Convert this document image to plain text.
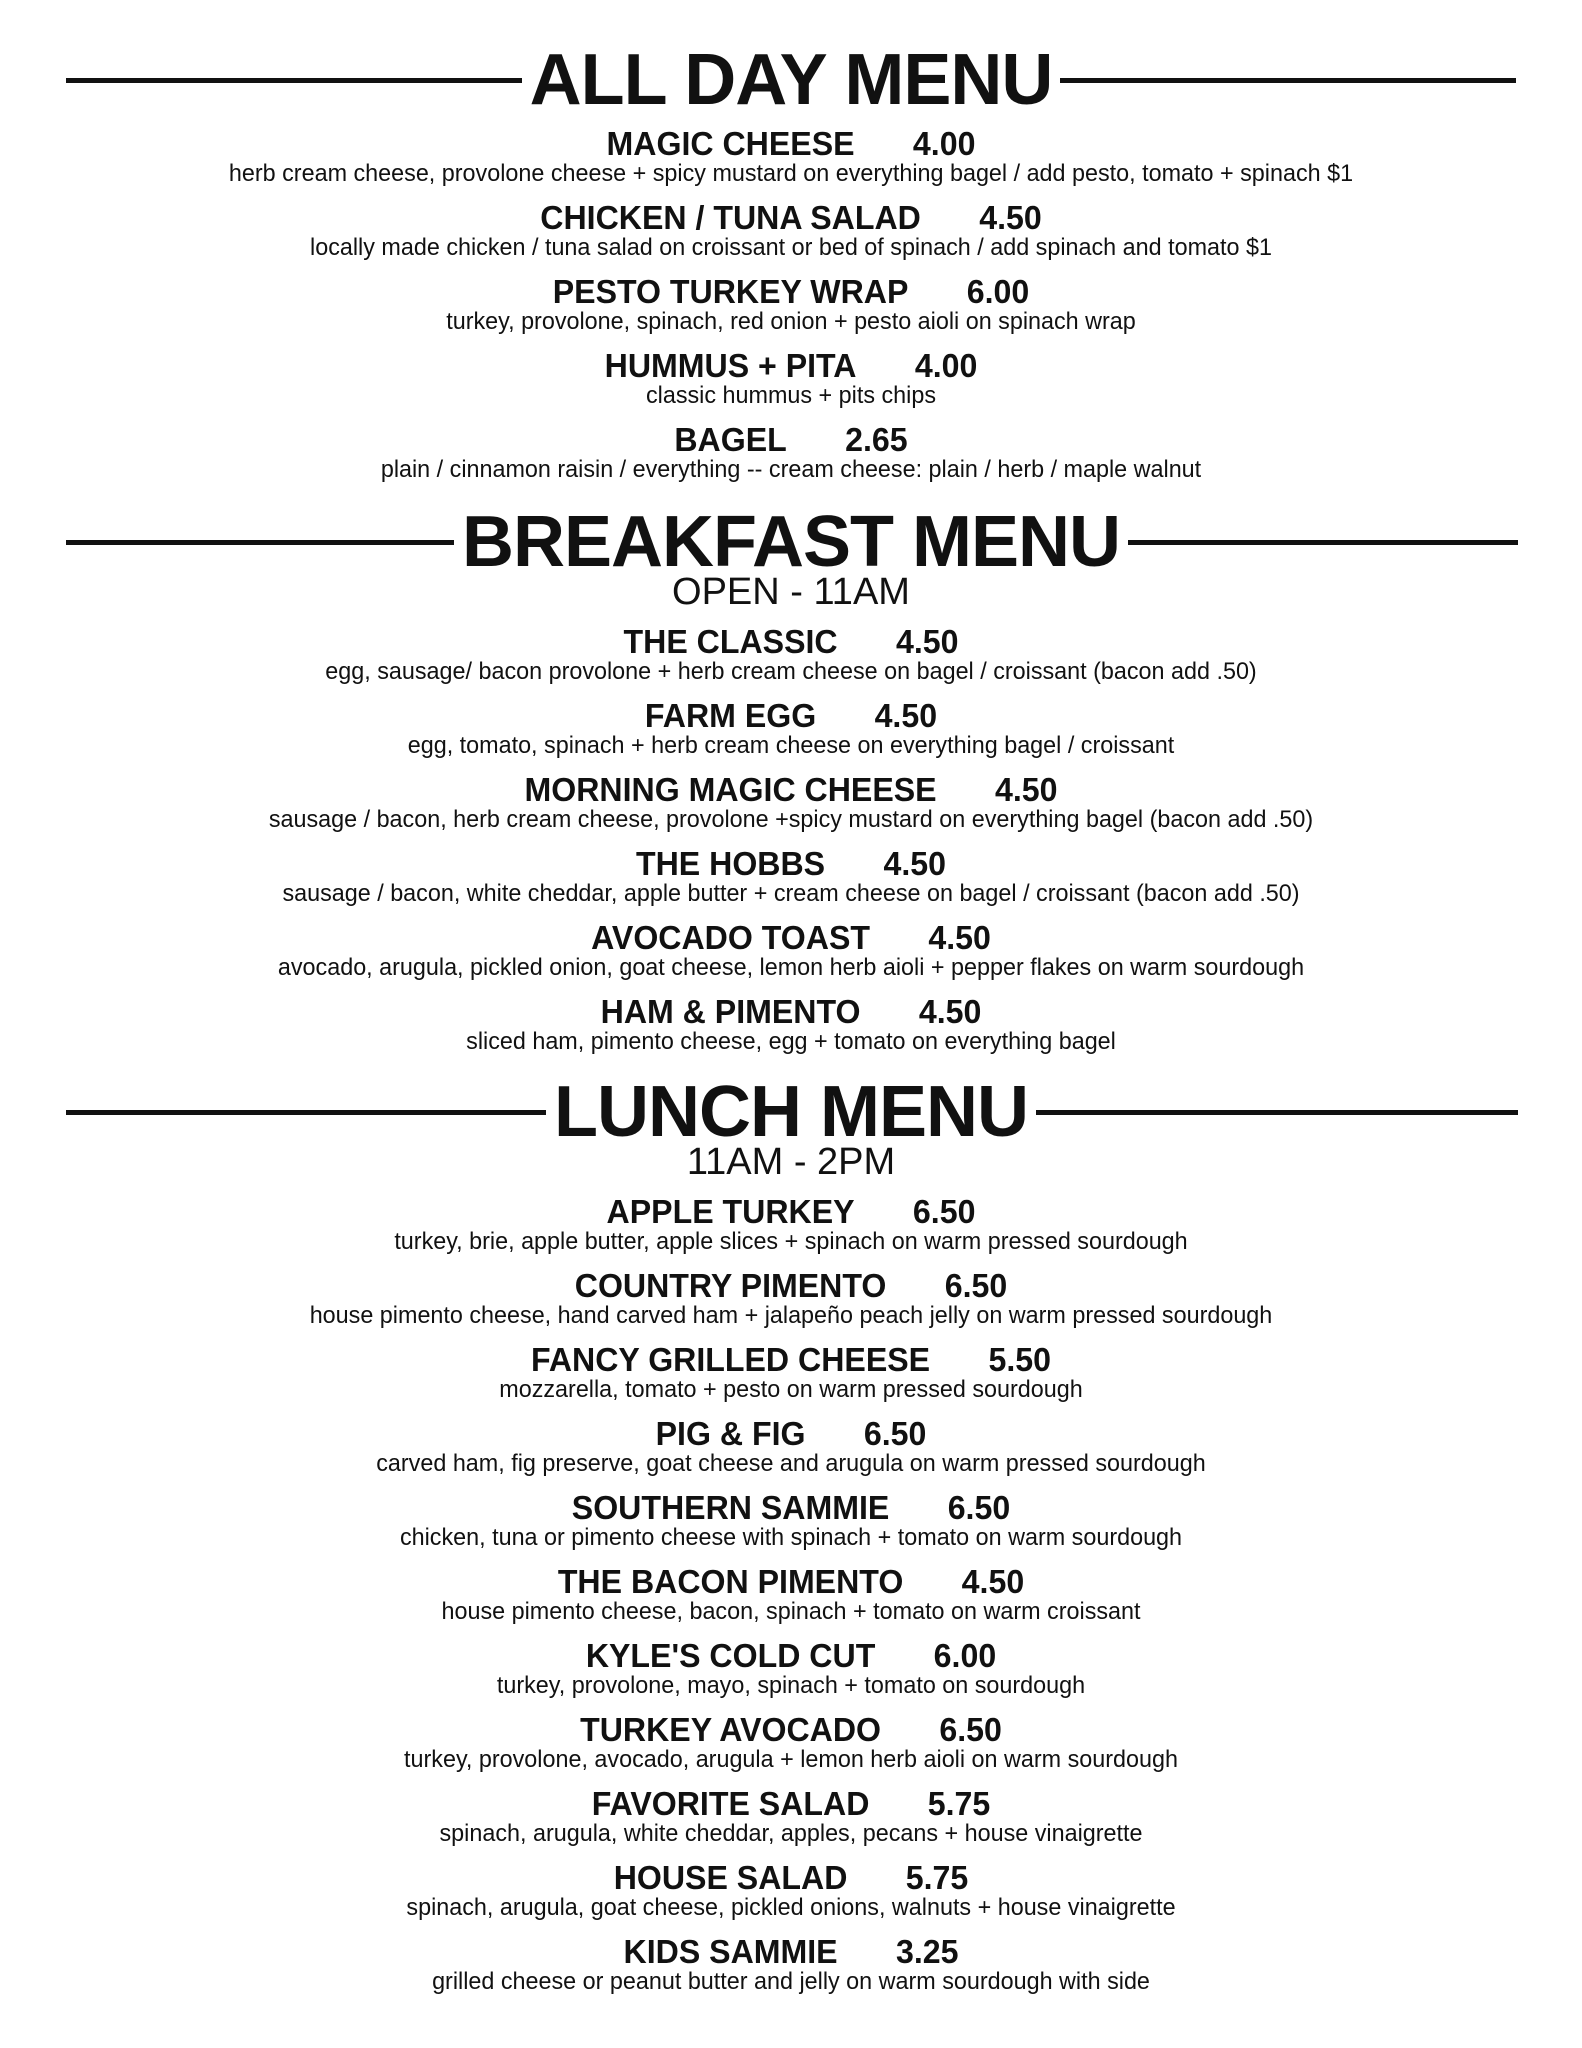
ALL DAY MENU
MAGIC CHEESE 4.00
herb cream cheese, provolone cheese + spicy mustard on everything bagel / add pesto, tomato + spinach $1
CHICKEN / TUNA SALAD 4.50
locally made chicken / tuna salad on croissant or bed of spinach / add spinach and tomato $1
PESTO TURKEY WRAP 6.00
turkey, provolone, spinach, red onion + pesto aioli on spinach wrap
HUMMUS + PITA 4.00
classic hummus + pits chips
BAGEL 2.65
plain / cinnamon raisin / everything -- cream cheese: plain / herb / maple walnut
BREAKFAST MENU
OPEN - 11AM
THE CLASSIC 4.50
egg, sausage/ bacon provolone + herb cream cheese on bagel / croissant (bacon add .50)
FARM EGG 4.50
egg, tomato, spinach + herb cream cheese on everything bagel / croissant
MORNING MAGIC CHEESE 4.50
sausage / bacon, herb cream cheese, provolone +spicy mustard on everything bagel (bacon add .50)
THE HOBBS 4.50
sausage / bacon, white cheddar, apple butter + cream cheese on bagel / croissant (bacon add .50)
AVOCADO TOAST 4.50
avocado, arugula, pickled onion, goat cheese, lemon herb aioli + pepper flakes on warm sourdough
HAM & PIMENTO 4.50
sliced ham, pimento cheese, egg + tomato on everything bagel
LUNCH MENU
11AM - 2PM
APPLE TURKEY 6.50
turkey, brie, apple butter, apple slices + spinach on warm pressed sourdough
COUNTRY PIMENTO 6.50
house pimento cheese, hand carved ham + jalapeño peach jelly on warm pressed sourdough
FANCY GRILLED CHEESE 5.50
mozzarella, tomato + pesto on warm pressed sourdough
PIG & FIG 6.50
carved ham, fig preserve, goat cheese and arugula on warm pressed sourdough
SOUTHERN SAMMIE 6.50
chicken, tuna or pimento cheese with spinach + tomato on warm sourdough
THE BACON PIMENTO 4.50
house pimento cheese, bacon, spinach + tomato on warm croissant
KYLE'S COLD CUT 6.00
turkey, provolone, mayo, spinach + tomato on sourdough
TURKEY AVOCADO 6.50
turkey, provolone, avocado, arugula + lemon herb aioli on warm sourdough
FAVORITE SALAD 5.75
spinach, arugula, white cheddar, apples, pecans + house vinaigrette
HOUSE SALAD 5.75
spinach, arugula, goat cheese, pickled onions, walnuts + house vinaigrette
KIDS SAMMIE 3.25
grilled cheese or peanut butter and jelly on warm sourdough with side
